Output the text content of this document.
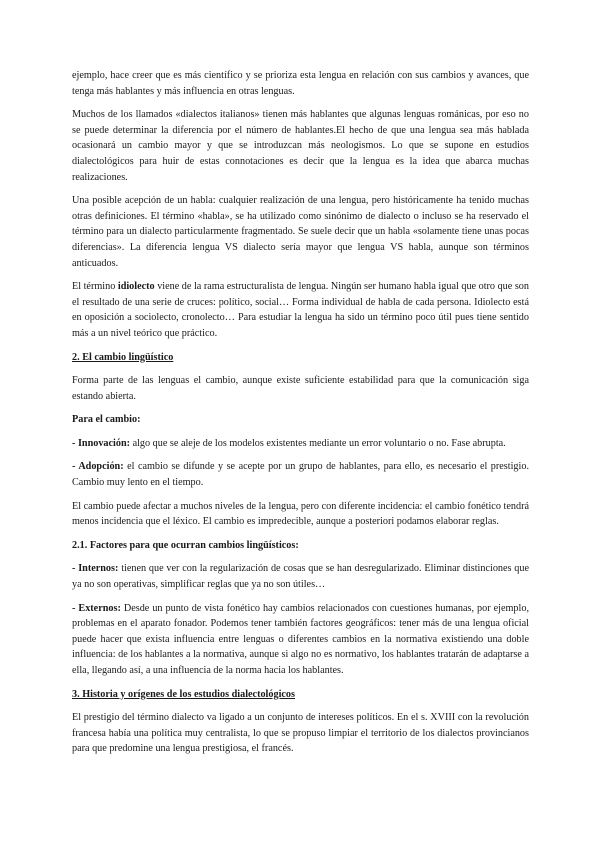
ejemplo, hace creer que es más científico y se prioriza esta lengua en relación con sus cambios y avances, que tenga más hablantes y más influencia en otras lenguas.

Muchos de los llamados «dialectos italianos» tienen más hablantes que algunas lenguas románicas, por eso no se puede determinar la diferencia por el número de hablantes.El hecho de que una lengua sea más hablada ocasionará un cambio mayor y que se introduzcan más neologismos. Lo que se supone en estudios dialectológicos para huir de estas connotaciones es decir que la lengua es la idea que abarca muchas realizaciones.

Una posible acepción de un habla: cualquier realización de una lengua, pero históricamente ha tenido muchas otras definiciones. El término «habla», se ha utilizado como sinónimo de dialecto o incluso se ha reservado el término para un dialecto particularmente fragmentado. Se suele decir que un habla «solamente tiene unas pocas diferencias». La diferencia lengua VS dialecto sería mayor que lengua VS habla, aunque son términos anticuados.

El término idiolecto viene de la rama estructuralista de lengua. Ningún ser humano habla igual que otro que son el resultado de una serie de cruces: político, social… Forma individual de habla de cada persona. Idiolecto está en oposición a sociolecto, cronolecto… Para estudiar la lengua ha sido un término poco útil pues tiene sentido más a un nivel teórico que práctico.

2. El cambio lingüístico

Forma parte de las lenguas el cambio, aunque existe suficiente estabilidad para que la comunicación siga estando abierta.

Para el cambio:

- Innovación: algo que se aleje de los modelos existentes mediante un error voluntario o no. Fase abrupta.

- Adopción: el cambio se difunde y se acepte por un grupo de hablantes, para ello, es necesario el prestigio. Cambio muy lento en el tiempo.

El cambio puede afectar a muchos niveles de la lengua, pero con diferente incidencia: el cambio fonético tendrá menos incidencia que el léxico. El cambio es impredecible, aunque a posteriori podamos elaborar reglas.

2.1. Factores para que ocurran cambios lingüísticos:

- Internos: tienen que ver con la regularización de cosas que se han desregularizado. Eliminar distinciones que ya no son operativas, simplificar reglas que ya no son útiles…

- Externos: Desde un punto de vista fonético hay cambios relacionados con cuestiones humanas, por ejemplo, problemas en el aparato fonador. Podemos tener también factores geográficos: tener más de una lengua oficial puede hacer que exista influencia entre lenguas o diferentes cambios en la normativa existiendo una doble influencia: de los hablantes a la normativa, aunque si algo no es normativo, los hablantes tratarán de adaptarse a ella, llegando así, a una influencia de la norma hacia los hablantes.

3. Historia y orígenes de los estudios dialectológicos

El prestigio del término dialecto va ligado a un conjunto de intereses políticos. En el s. XVIII con la revolución francesa había una política muy centralista, lo que se propuso limpiar el territorio de los dialectos provincianos para que predomine una lengua prestigiosa, el francés.
